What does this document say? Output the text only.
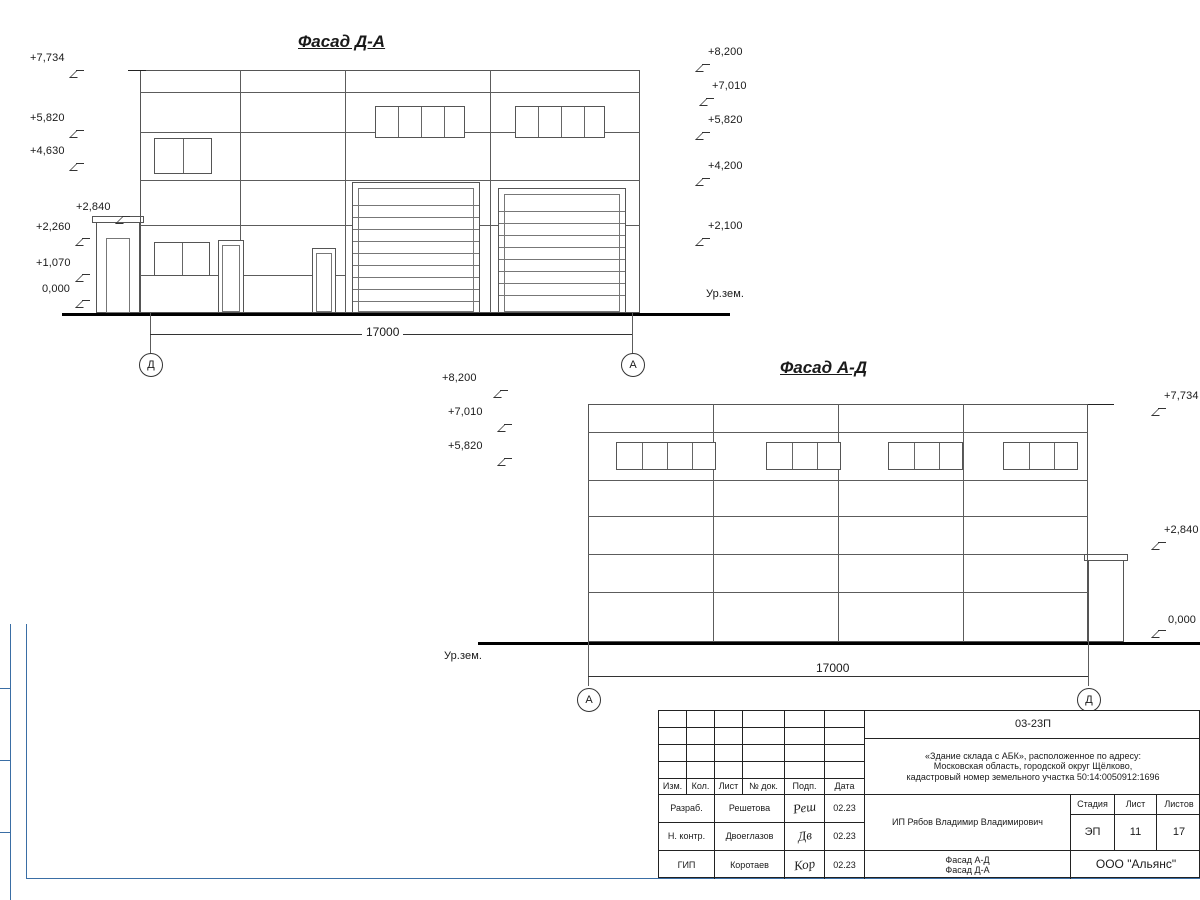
Фасад Д-А
+7,734
+5,820
+4,630
+2,840
+2,260
+1,070
0,000
+8,200
+7,010
+5,820
+4,200
+2,100
Ур.зем.
17000
Д	А	Фасад А-Д
+8,200
+7,010
+5,820
Ур.зем.
+7,734
+2,840
0,000
17000
А	Д
Изм.	Кол.	Лист	№ док.	Подп.	Дата
Разраб.	Решетова	Реш	02.23
Н. контр.	Двоеглазов	Дв	02.23
ГИП	Коротаев	Кор	02.23
03-23П
«Здание склада с АБК», расположенное по адресу:
Московская область, городской округ Щёлково,
кадастровый номер земельного участка 50:14:0050912:1696
ИП Рябов Владимир Владимирович
Фасад А-Д
Фасад Д-А
Стадия	Лист	Листов
ЭП	11	17
ООО "Альянс"
